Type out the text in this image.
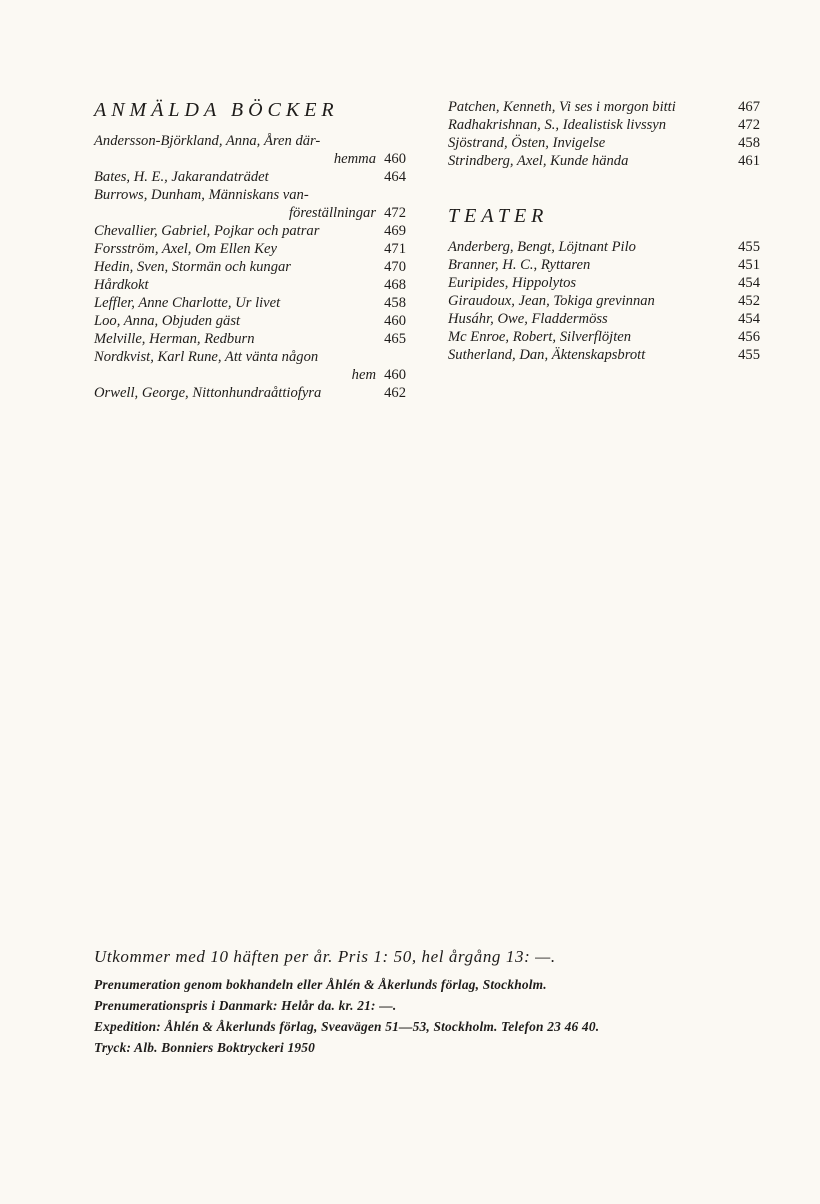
ANMÄLDA BÖCKER
Andersson-Björkland, Anna, Åren där-
hemma 460
Bates, H. E., Jakarandaträdet	464
Burrows, Dunham, Människans van-
föreställningar 472
Chevallier, Gabriel, Pojkar och patrar	469
Forsström, Axel, Om Ellen Key	471
Hedin, Sven, Stormän och kungar	470
Hårdkokt	468
Leffler, Anne Charlotte, Ur livet	458
Loo, Anna, Objuden gäst	460
Melville, Herman, Redburn	465
Nordkvist, Karl Rune, Att vänta någon
hem 460
Orwell, George, Nittonhundraåttiofyra	462
Patchen, Kenneth, Vi ses i morgon bitti	467
Radhakrishnan, S., Idealistisk livssyn	472
Sjöstrand, Östen, Invigelse	458
Strindberg, Axel, Kunde hända	461
TEATER
Anderberg, Bengt, Löjtnant Pilo	455
Branner, H. C., Ryttaren	451
Euripides, Hippolytos	454
Giraudoux, Jean, Tokiga grevinnan	452
Husáhr, Owe, Fladdermöss	454
Mc Enroe, Robert, Silverflöjten	456
Sutherland, Dan, Äktenskapsbrott	455
Utkommer med 10 häften per år. Pris 1: 50, hel årgång 13: —.
Prenumeration genom bokhandeln eller Åhlén & Åkerlunds förlag, Stockholm.
Prenumerationspris i Danmark: Helår da. kr. 21: —.
Expedition: Åhlén & Åkerlunds förlag, Sveavägen 51—53, Stockholm. Telefon 23 46 40.
Tryck: Alb. Bonniers Boktryckeri 1950
